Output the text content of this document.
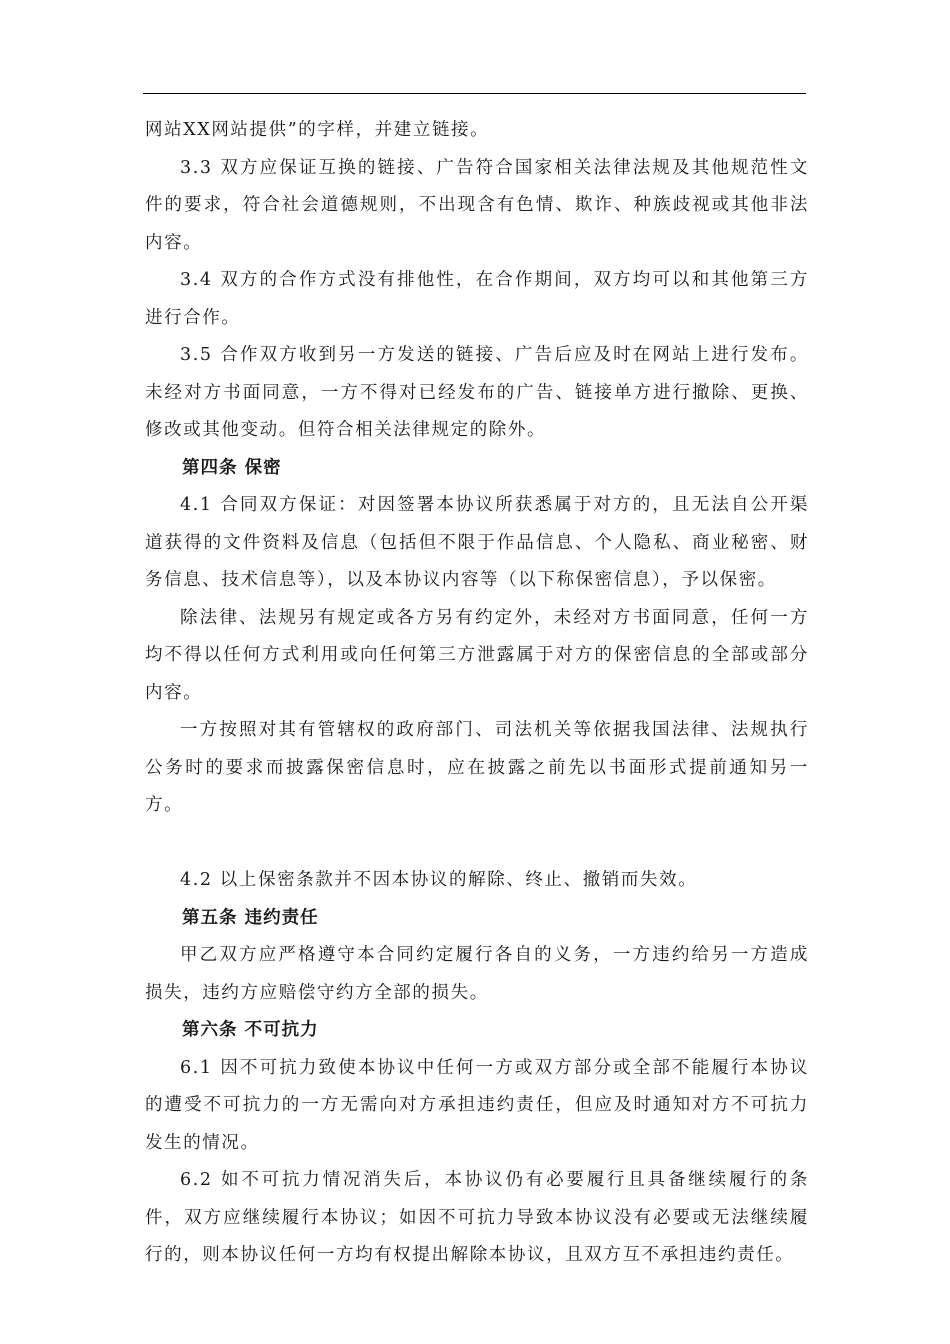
网站XX网站提供”的字样，并建立链接。

3.3 双方应保证互换的链接、广告符合国家相关法律法规及其他规范性文件的要求，符合社会道德规则，不出现含有色情、欺诈、种族歧视或其他非法内容。

3.4 双方的合作方式没有排他性，在合作期间，双方均可以和其他第三方进行合作。

3.5 合作双方收到另一方发送的链接、广告后应及时在网站上进行发布。未经对方书面同意，一方不得对已经发布的广告、链接单方进行撤除、更换、修改或其他变动。但符合相关法律规定的除外。

第四条 保密

4.1 合同双方保证：对因签署本协议所获悉属于对方的，且无法自公开渠道获得的文件资料及信息（包括但不限于作品信息、个人隐私、商业秘密、财务信息、技术信息等），以及本协议内容等（以下称保密信息），予以保密。

除法律、法规另有规定或各方另有约定外，未经对方书面同意，任何一方均不得以任何方式利用或向任何第三方泄露属于对方的保密信息的全部或部分内容。

一方按照对其有管辖权的政府部门、司法机关等依据我国法律、法规执行公务时的要求而披露保密信息时，应在披露之前先以书面形式提前通知另一方。

4.2 以上保密条款并不因本协议的解除、终止、撤销而失效。

第五条 违约责任

甲乙双方应严格遵守本合同约定履行各自的义务，一方违约给另一方造成损失，违约方应赔偿守约方全部的损失。

第六条 不可抗力

6.1 因不可抗力致使本协议中任何一方或双方部分或全部不能履行本协议的遭受不可抗力的一方无需向对方承担违约责任，但应及时通知对方不可抗力发生的情况。

6.2 如不可抗力情况消失后，本协议仍有必要履行且具备继续履行的条件，双方应继续履行本协议；如因不可抗力导致本协议没有必要或无法继续履行的，则本协议任何一方均有权提出解除本协议，且双方互不承担违约责任。
